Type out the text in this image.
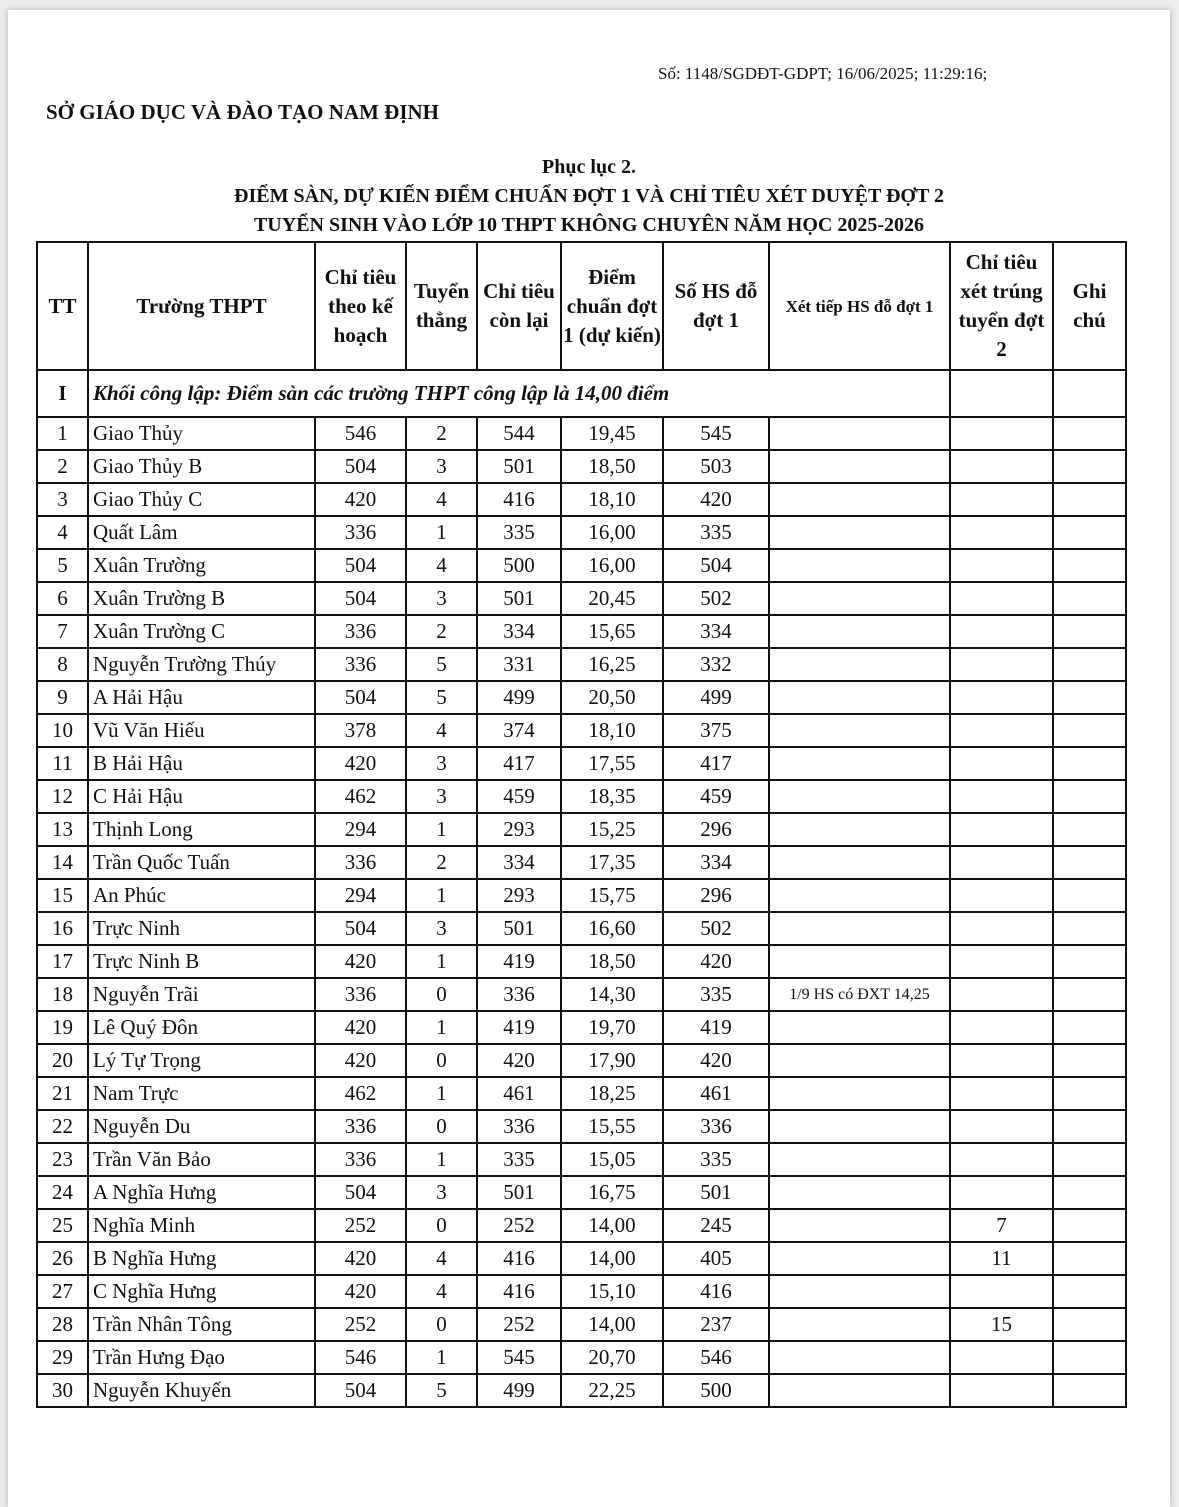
Số: 1148/SGDĐT-GDPT; 16/06/2025; 11:29:16;
SỞ GIÁO DỤC VÀ ĐÀO TẠO NAM ĐỊNH
Phục lục 2.
ĐIỂM SÀN, DỰ KIẾN ĐIỂM CHUẨN ĐỢT 1 VÀ CHỈ TIÊU XÉT DUYỆT ĐỢT 2
TUYỂN SINH VÀO LỚP 10 THPT KHÔNG CHUYÊN NĂM HỌC 2025-2026
TT	Trường THPT	Chỉ tiêu theo kế hoạch	Tuyển thẳng	Chỉ tiêu còn lại	Điểm chuẩn đợt 1 (dự kiến)	Số HS đỗ đợt 1	Xét tiếp HS đỗ đợt 1	Chỉ tiêu xét trúng tuyển đợt 2	Ghi chú
I	Khối công lập: Điểm sàn các trường THPT công lập là 14,00 điểm								
1	Giao Thủy	546	2	544	19,45	545			
2	Giao Thủy B	504	3	501	18,50	503			
3	Giao Thủy C	420	4	416	18,10	420			
4	Quất Lâm	336	1	335	16,00	335			
5	Xuân Trường	504	4	500	16,00	504			
6	Xuân Trường B	504	3	501	20,45	502			
7	Xuân Trường C	336	2	334	15,65	334			
8	Nguyễn Trường Thúy	336	5	331	16,25	332			
9	A Hải Hậu	504	5	499	20,50	499			
10	Vũ Văn Hiếu	378	4	374	18,10	375			
11	B Hải Hậu	420	3	417	17,55	417			
12	C Hải Hậu	462	3	459	18,35	459			
13	Thịnh Long	294	1	293	15,25	296			
14	Trần Quốc Tuấn	336	2	334	17,35	334			
15	An Phúc	294	1	293	15,75	296			
16	Trực Ninh	504	3	501	16,60	502			
17	Trực Ninh B	420	1	419	18,50	420			
18	Nguyễn Trãi	336	0	336	14,30	335	1/9 HS có ĐXT 14,25		
19	Lê Quý Đôn	420	1	419	19,70	419			
20	Lý Tự Trọng	420	0	420	17,90	420			
21	Nam Trực	462	1	461	18,25	461			
22	Nguyễn Du	336	0	336	15,55	336			
23	Trần Văn Bảo	336	1	335	15,05	335			
24	A Nghĩa Hưng	504	3	501	16,75	501			
25	Nghĩa Minh	252	0	252	14,00	245		7	
26	B Nghĩa Hưng	420	4	416	14,00	405		11	
27	C Nghĩa Hưng	420	4	416	15,10	416			
28	Trần Nhân Tông	252	0	252	14,00	237		15	
29	Trần Hưng Đạo	546	1	545	20,70	546			
30	Nguyễn Khuyến	504	5	499	22,25	500			
